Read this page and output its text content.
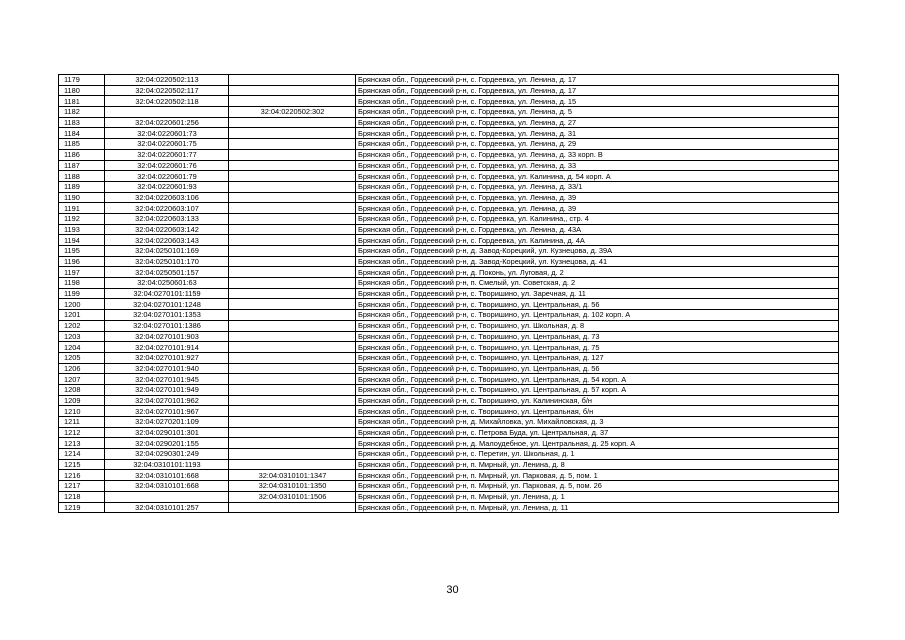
1179	32:04:0220502:113		Брянская обл., Гордеевский р-н, с. Гордеевка, ул. Ленина, д. 17
1180	32:04:0220502:117		Брянская обл., Гордеевский р-н, с. Гордеевка, ул. Ленина, д. 17
1181	32:04:0220502:118		Брянская обл., Гордеевский р-н, с. Гордеевка, ул. Ленина, д. 15
1182		32:04:0220502:302	Брянская обл., Гордеевский р-н, с. Гордеевка, ул. Ленина, д. 5
1183	32:04:0220601:256		Брянская обл., Гордеевский р-н, с. Гордеевка, ул. Ленина, д. 27
1184	32:04:0220601:73		Брянская обл., Гордеевский р-н, с. Гордеевка, ул. Ленина, д. 31
1185	32:04:0220601:75		Брянская обл., Гордеевский р-н, с. Гордеевка, ул. Ленина, д. 29
1186	32:04:0220601:77		Брянская обл., Гордеевский р-н, с. Гордеевка, ул. Ленина, д. 33 корп. В
1187	32:04:0220601:76		Брянская обл., Гордеевский р-н, с. Гордеевка, ул. Ленина, д. 33
1188	32:04:0220601:79		Брянская обл., Гордеевский р-н, с. Гордеевка, ул. Калинина, д. 54 корп. А
1189	32:04:0220601:93		Брянская обл., Гордеевский р-н, с. Гордеевка, ул. Ленина, д. 33/1
1190	32:04:0220603:106		Брянская обл., Гордеевский р-н, с. Гордеевка, ул. Ленина, д. 39
1191	32:04:0220603:107		Брянская обл., Гордеевский р-н, с. Гордеевка, ул. Ленина, д. 39
1192	32:04:0220603:133		Брянская обл., Гордеевский р-н, с. Гордеевка, ул. Калинина,, стр. 4
1193	32:04:0220603:142		Брянская обл., Гордеевский р-н, с. Гордеевка, ул. Ленина, д. 43А
1194	32:04:0220603:143		Брянская обл., Гордеевский р-н, с. Гордеевка, ул. Калинина, д. 4А
1195	32:04:0250101:169		Брянская обл., Гордеевский р-н, д. Завод-Корецкий, ул. Кузнецова, д. 39А
1196	32:04:0250101:170		Брянская обл., Гордеевский р-н, д. Завод-Корецкий, ул. Кузнецова, д. 41
1197	32:04:0250501:157		Брянская обл., Гордеевский р-н, д. Поконь, ул. Луговая, д. 2
1198	32:04:0250601:63		Брянская обл., Гордеевский р-н, п. Смелый, ул. Советская, д. 2
1199	32:04:0270101:1159		Брянская обл., Гордеевский р-н, с. Творишино, ул. Заречная, д. 11
1200	32:04:0270101:1248		Брянская обл., Гордеевский р-н, с. Творишино, ул. Центральная, д. 56
1201	32:04:0270101:1353		Брянская обл., Гордеевский р-н, с. Творишино, ул. Центральная, д. 102 корп. А
1202	32:04:0270101:1386		Брянская обл., Гордеевский р-н, с. Творишино, ул. Школьная, д. 8
1203	32:04:0270101:903		Брянская обл., Гордеевский р-н, с. Творишино, ул. Центральная, д. 73
1204	32:04:0270101:914		Брянская обл., Гордеевский р-н, с. Творишино, ул. Центральная, д. 75
1205	32:04:0270101:927		Брянская обл., Гордеевский р-н, с. Творишино, ул. Центральная, д. 127
1206	32:04:0270101:940		Брянская обл., Гордеевский р-н, с. Творишино, ул. Центральная, д. 56
1207	32:04:0270101:945		Брянская обл., Гордеевский р-н, с. Творишино, ул. Центральная, д. 54 корп. А
1208	32:04:0270101:949		Брянская обл., Гордеевский р-н, с. Творишино, ул. Центральная, д. 57 корп. А
1209	32:04:0270101:962		Брянская обл., Гордеевский р-н, с. Творишино, ул. Калининская, б/н
1210	32:04:0270101:967		Брянская обл., Гордеевский р-н, с. Творишино, ул. Центральная, б/н
1211	32:04:0270201:109		Брянская обл., Гордеевский р-н, д. Михайловка, ул. Михайловская, д. 3
1212	32:04:0290101:301		Брянская обл., Гордеевский р-н, с. Петрова Буда, ул. Центральная, д. 37
1213	32:04:0290201:155		Брянская обл., Гордеевский р-н, д. Малоудебное, ул. Центральная, д. 25 корп. А
1214	32:04:0290301:249		Брянская обл., Гордеевский р-н, с. Перетин, ул. Школьная, д. 1
1215	32:04:0310101:1193		Брянская обл., Гордеевский р-н, п. Мирный, ул. Ленина, д. 8
1216	32:04:0310101:668	32:04:0310101:1347	Брянская обл., Гордеевский р-н, п. Мирный, ул. Парковая, д. 5, пом. 1
1217	32:04:0310101:668	32:04:0310101:1350	Брянская обл., Гордеевский р-н, п. Мирный, ул. Парковая, д. 5, пом. 26
1218		32:04:0310101:1506	Брянская обл., Гордеевский р-н, п. Мирный, ул. Ленина, д. 1
1219	32:04:0310101:257		Брянская обл., Гордеевский р-н, п. Мирный, ул. Ленина, д. 11
30
